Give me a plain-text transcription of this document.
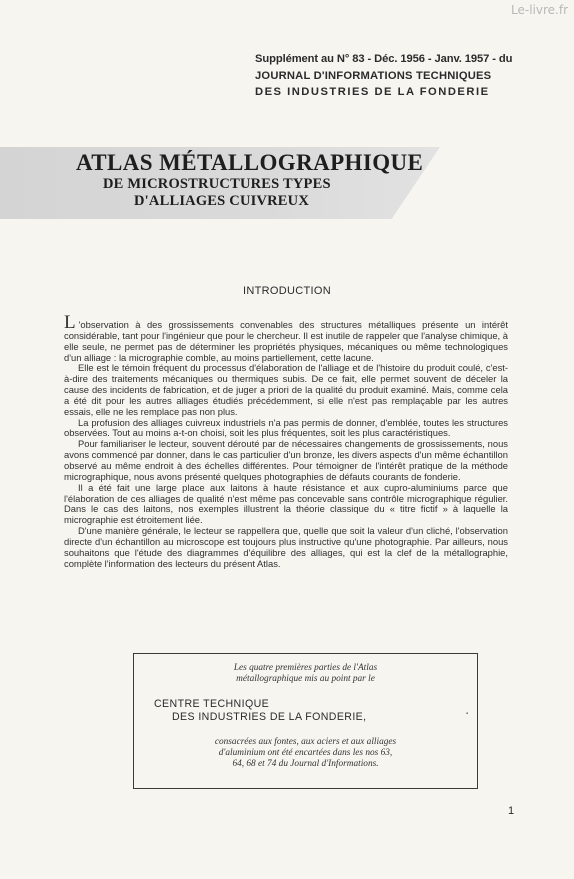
Le-livre.fr
Supplément au N° 83 - Déc. 1956 - Janv. 1957 - du
JOURNAL D'INFORMATIONS TECHNIQUES
DES INDUSTRIES DE LA FONDERIE
ATLAS MÉTALLOGRAPHIQUE
DE MICROSTRUCTURES TYPES
D'ALLIAGES CUIVREUX
INTRODUCTION

L 'observation à des grossissements convenables des structures métalliques présente un intérêt considérable, tant pour l'ingénieur que pour le chercheur. Il est inutile de rappeler que l'analyse chimique, à elle seule, ne permet pas de déterminer les propriétés physiques, mécaniques ou même technologiques d'un alliage : la micrographie comble, au moins partiellement, cette lacune.

Elle est le témoin fréquent du processus d'élaboration de l'alliage et de l'histoire du produit coulé, c'est-à-dire des traitements mécaniques ou thermiques subis. De ce fait, elle permet souvent de déceler la cause des incidents de fabrication, et de juger a priori de la qualité du produit examiné. Mais, comme cela a été dit pour les autres alliages étudiés précédemment, si elle n'est pas remplaçable par les autres essais, elle ne les remplace pas non plus.

La profusion des alliages cuivreux industriels n'a pas permis de donner, d'emblée, toutes les structures observées. Tout au moins a-t-on choisi, soit les plus fréquentes, soit les plus caractéristiques.

Pour familiariser le lecteur, souvent dérouté par de nécessaires changements de grossissements, nous avons commencé par donner, dans le cas particulier d'un bronze, les divers aspects d'un même échantillon observé au même endroit à des échelles différentes. Pour témoigner de l'intérêt pratique de la méthode micrographique, nous avons présenté quelques photographies de défauts courants de fonderie.

Il a été fait une large place aux laitons à haute résistance et aux cupro-aluminiums parce que l'élaboration de ces alliages de qualité n'est même pas concevable sans contrôle micrographique régulier. Dans le cas des laitons, nos exemples illustrent la théorie classique du « titre fictif » à laquelle la micrographie est étroitement liée.

D'une manière générale, le lecteur se rappellera que, quelle que soit la valeur d'un cliché, l'observation directe d'un échantillon au microscope est toujours plus instructive qu'une photographie. Par ailleurs, nous souhaitons que l'étude des diagrammes d'équilibre des alliages, qui est la clef de la métallographie, complète l'information des lecteurs du présent Atlas.

Les quatre premières parties de l'Atlas
métallographique mis au point par le
CENTRE TECHNIQUE
DES INDUSTRIES DE LA FONDERIE,
consacrées aux fontes, aux aciers et aux alliages
d'aluminium ont été encartées dans les nos 63,
64, 68 et 74 du Journal d'Informations.
▪
1
